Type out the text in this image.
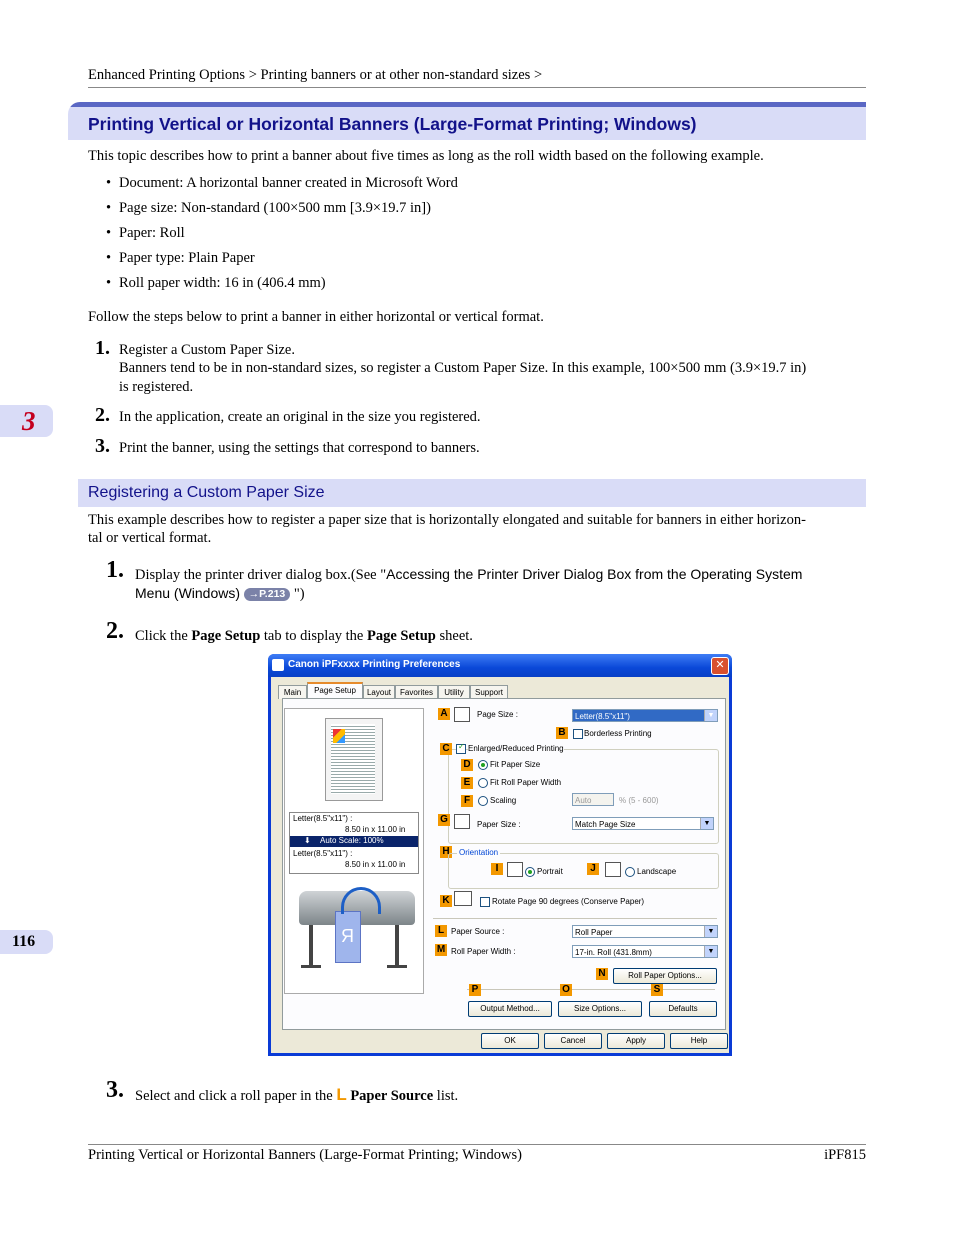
Enhanced Printing Options > Printing banners or at other non-standard sizes >
Printing Vertical or Horizontal Banners (Large-Format Printing; Windows)
This topic describes how to print a banner about five times as long as the roll width based on the following example.
• Document: A horizontal banner created in Microsoft Word
• Page size: Non-standard (100×500 mm [3.9×19.7 in])
• Paper: Roll
• Paper type: Plain Paper
• Roll paper width: 16 in (406.4 mm)
Follow the steps below to print a banner in either horizontal or vertical format.
1. Register a Custom Paper Size.
Banners tend to be in non-standard sizes, so register a Custom Paper Size. In this example, 100×500 mm (3.9×19.7 in)
is registered.
2. In the application, create an original in the size you registered.
3. Print the banner, using the settings that correspond to banners.
3
Registering a Custom Paper Size
This example describes how to register a paper size that is horizontally elongated and suitable for banners in either horizon-
tal or vertical format.
1. Display the printer driver dialog box.(See "Accessing the Printer Driver Dialog Box from the Operating System
Menu (Windows) →P.213 ")
2. Click the Page Setup tab to display the Page Setup sheet.
Canon iPFxxxx Printing Preferences	✕
Main	Page Setup	Layout	Favorites	Utility	Support
Letter(8.5"x11") :
8.50 in x 11.00 in
⬇ Auto Scale: 100%
Letter(8.5"x11") :
8.50 in x 11.00 in
R
A	Page Size :	Letter(8.5"x11")	▼
B Borderless Printing
C ✓ Enlarged/Reduced Printing
D Fit Paper Size
E	Fit Roll Paper Width
F	Scaling	Auto	% (5 - 600)
G	Paper Size :	Match Page Size	▼
H Orientation
I	Portrait	J	Landscape
K	Rotate Page 90 degrees (Conserve Paper)
L Paper Source :	Roll Paper	▼
M Roll Paper Width :	17-in. Roll (431.8mm)	▼
N	Roll Paper Options...
P	O	S
Output Method...	Size Options...	Defaults
OK	Cancel	Apply	Help
116
3. Select and click a roll paper in the L Paper Source list.
Printing Vertical or Horizontal Banners (Large-Format Printing; Windows)	iPF815
